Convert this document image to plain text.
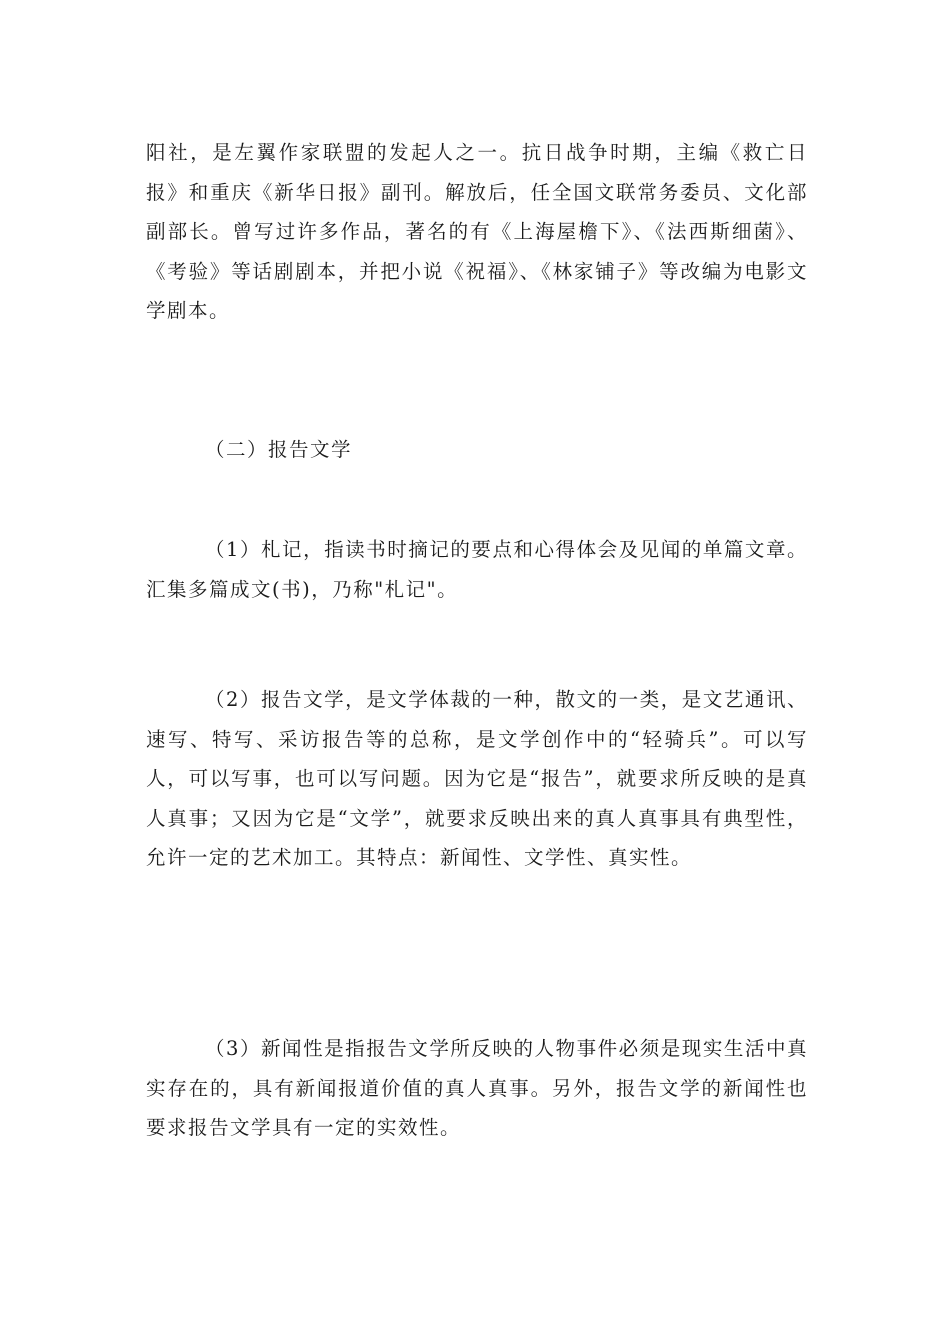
阳社，是左翼作家联盟的发起人之一。抗日战争时期，主编《救亡日报》和重庆《新华日报》副刊。解放后，任全国文联常务委员、文化部副部长。曾写过许多作品，著名的有《上海屋檐下》、《法西斯细菌》、《考验》等话剧剧本，并把小说《祝福》、《林家铺子》等改编为电影文学剧本。

（二）报告文学

（1）札记，指读书时摘记的要点和心得体会及见闻的单篇文章。汇集多篇成文(书)，乃称"札记"。

（2）报告文学，是文学体裁的一种，散文的一类，是文艺通讯、速写、特写、采访报告等的总称，是文学创作中的“轻骑兵”。可以写人，可以写事，也可以写问题。因为它是“报告”，就要求所反映的是真人真事；又因为它是“文学”，就要求反映出来的真人真事具有典型性，允许一定的艺术加工。其特点：新闻性、文学性、真实性。

（3）新闻性是指报告文学所反映的人物事件必须是现实生活中真实存在的，具有新闻报道价值的真人真事。另外，报告文学的新闻性也要求报告文学具有一定的实效性。
